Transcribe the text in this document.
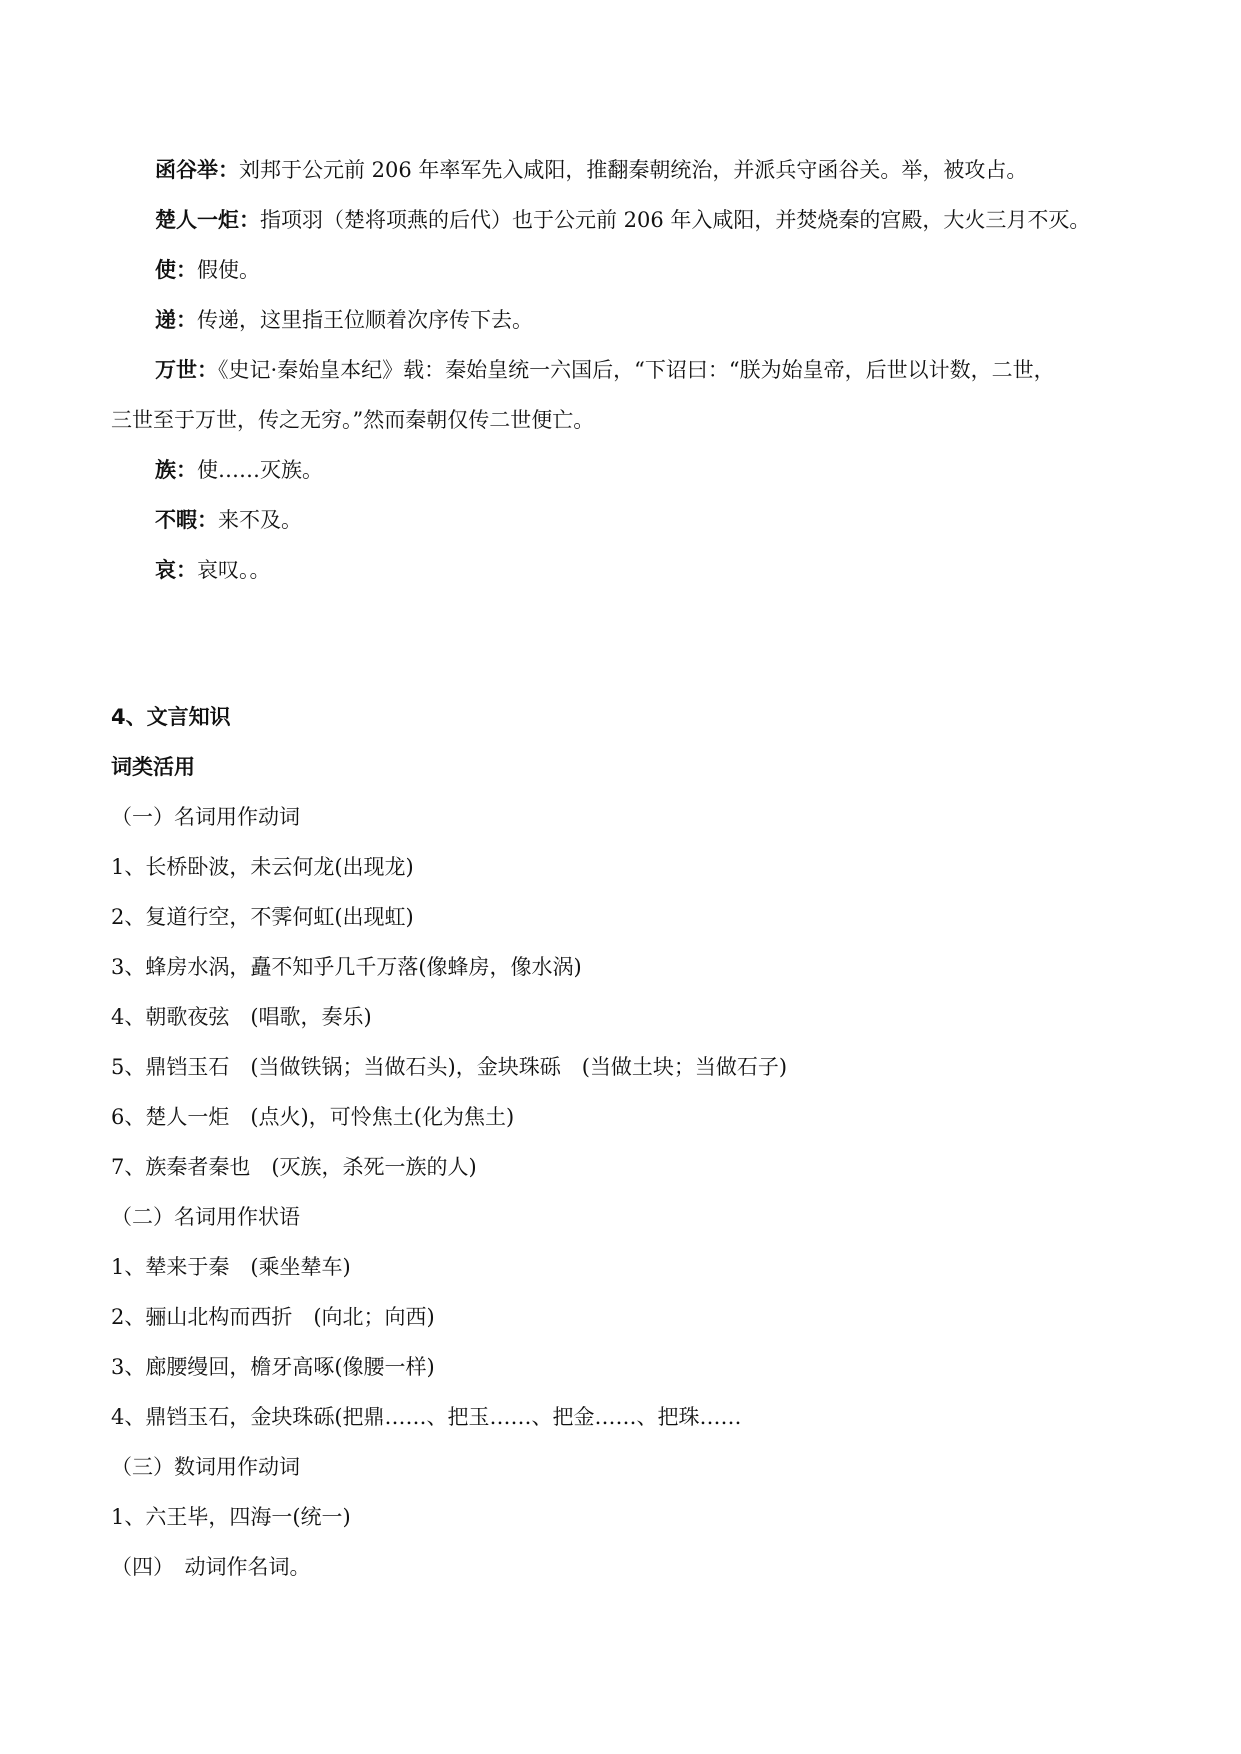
函谷举：刘邦于公元前 206 年率军先入咸阳，推翻秦朝统治，并派兵守函谷关。举，被攻占。
楚人一炬：指项羽（楚将项燕的后代）也于公元前 206 年入咸阳，并焚烧秦的宫殿，大火三月不灭。
使：假使。
递：传递，这里指王位顺着次序传下去。
万世：《史记·秦始皇本纪》载：秦始皇统一六国后，“下诏曰：“朕为始皇帝，后世以计数，二世，
三世至于万世，传之无穷。”然而秦朝仅传二世便亡。
族：使……灭族。
不暇：来不及。
哀：哀叹。。
4、文言知识
词类活用
（一）名词用作动词
1、长桥卧波，未云何龙(出现龙)
2、复道行空，不霁何虹(出现虹)
3、蜂房水涡，矗不知乎几千万落(像蜂房，像水涡)
4、朝歌夜弦　(唱歌，奏乐)
5、鼎铛玉石　(当做铁锅；当做石头)，金块珠砾　(当做土块；当做石子)
6、楚人一炬　(点火)，可怜焦土(化为焦土)
7、族秦者秦也　(灭族，杀死一族的人)
（二）名词用作状语
1、辇来于秦　(乘坐辇车)
2、骊山北构而西折　(向北；向西)
3、廊腰缦回，檐牙高啄(像腰一样)
4、鼎铛玉石，金块珠砾(把鼎……、把玉……、把金……、把珠……
（三）数词用作动词
1、六王毕，四海一(统一)
（四）　动词作名词。
